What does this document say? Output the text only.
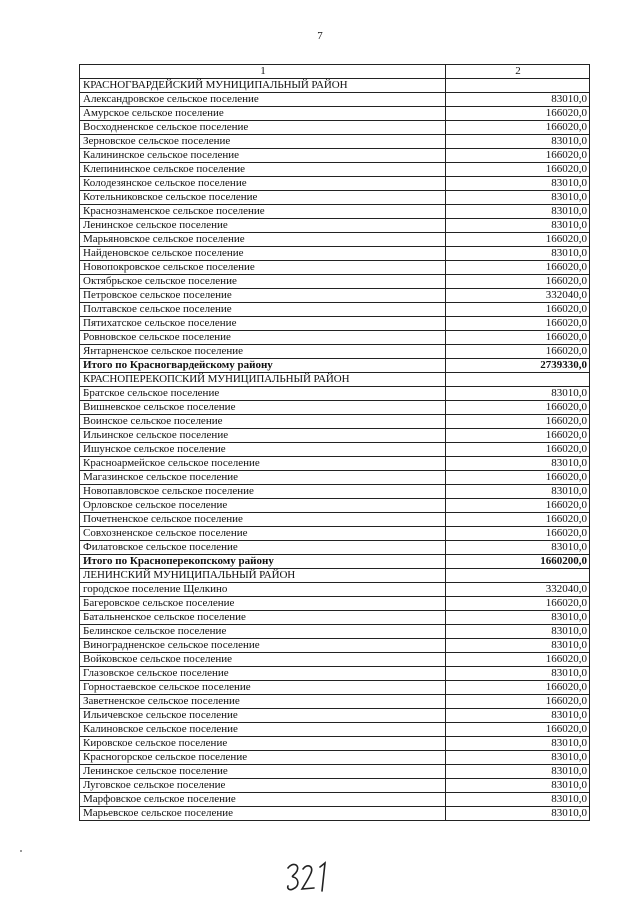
7
1	2
КРАСНОГВАРДЕЙСКИЙ МУНИЦИПАЛЬНЫЙ РАЙОН	
Александровское сельское поселение	83010,0
Амурское сельское поселение	166020,0
Восходненское сельское поселение	166020,0
Зерновское сельское поселение	83010,0
Калининское сельское поселение	166020,0
Клепининское сельское поселение	166020,0
Колодезянское сельское поселение	83010,0
Котельниковское сельское поселение	83010,0
Краснознаменское сельское поселение	83010,0
Ленинское сельское поселение	83010,0
Марьяновское сельское поселение	166020,0
Найденовское сельское поселение	83010,0
Новопокровское сельское поселение	166020,0
Октябрьское сельское поселение	166020,0
Петровское сельское поселение	332040,0
Полтавское сельское поселение	166020,0
Пятихатское сельское поселение	166020,0
Ровновское сельское поселение	166020,0
Янтарненское сельское поселение	166020,0
Итого по Красногвардейскому району	2739330,0
КРАСНОПЕРЕКОПСКИЙ МУНИЦИПАЛЬНЫЙ РАЙОН	
Братское сельское поселение	83010,0
Вишневское сельское поселение	166020,0
Воинское сельское поселение	166020,0
Ильинское сельское поселение	166020,0
Ишунское сельское поселение	166020,0
Красноармейское сельское поселение	83010,0
Магазинское сельское поселение	166020,0
Новопавловское сельское поселение	83010,0
Орловское сельское поселение	166020,0
Почетненское сельское поселение	166020,0
Совхозненское сельское поселение	166020,0
Филатовское сельское поселение	83010,0
Итого по Красноперекопскому району	1660200,0
ЛЕНИНСКИЙ МУНИЦИПАЛЬНЫЙ РАЙОН	
городское поселение Щелкино	332040,0
Багеровское сельское поселение	166020,0
Батальненское сельское поселение	83010,0
Белинское сельское поселение	83010,0
Виноградненское сельское поселение	83010,0
Войковское сельское поселение	166020,0
Глазовское сельское поселение	83010,0
Горностаевское сельское поселение	166020,0
Заветненское сельское поселение	166020,0
Ильичевское сельское поселение	83010,0
Калиновское сельское поселение	166020,0
Кировское сельское поселение	83010,0
Красногорское сельское поселение	83010,0
Ленинское сельское поселение	83010,0
Луговское сельское поселение	83010,0
Марфовское сельское поселение	83010,0
Марьевское сельское поселение	83010,0
